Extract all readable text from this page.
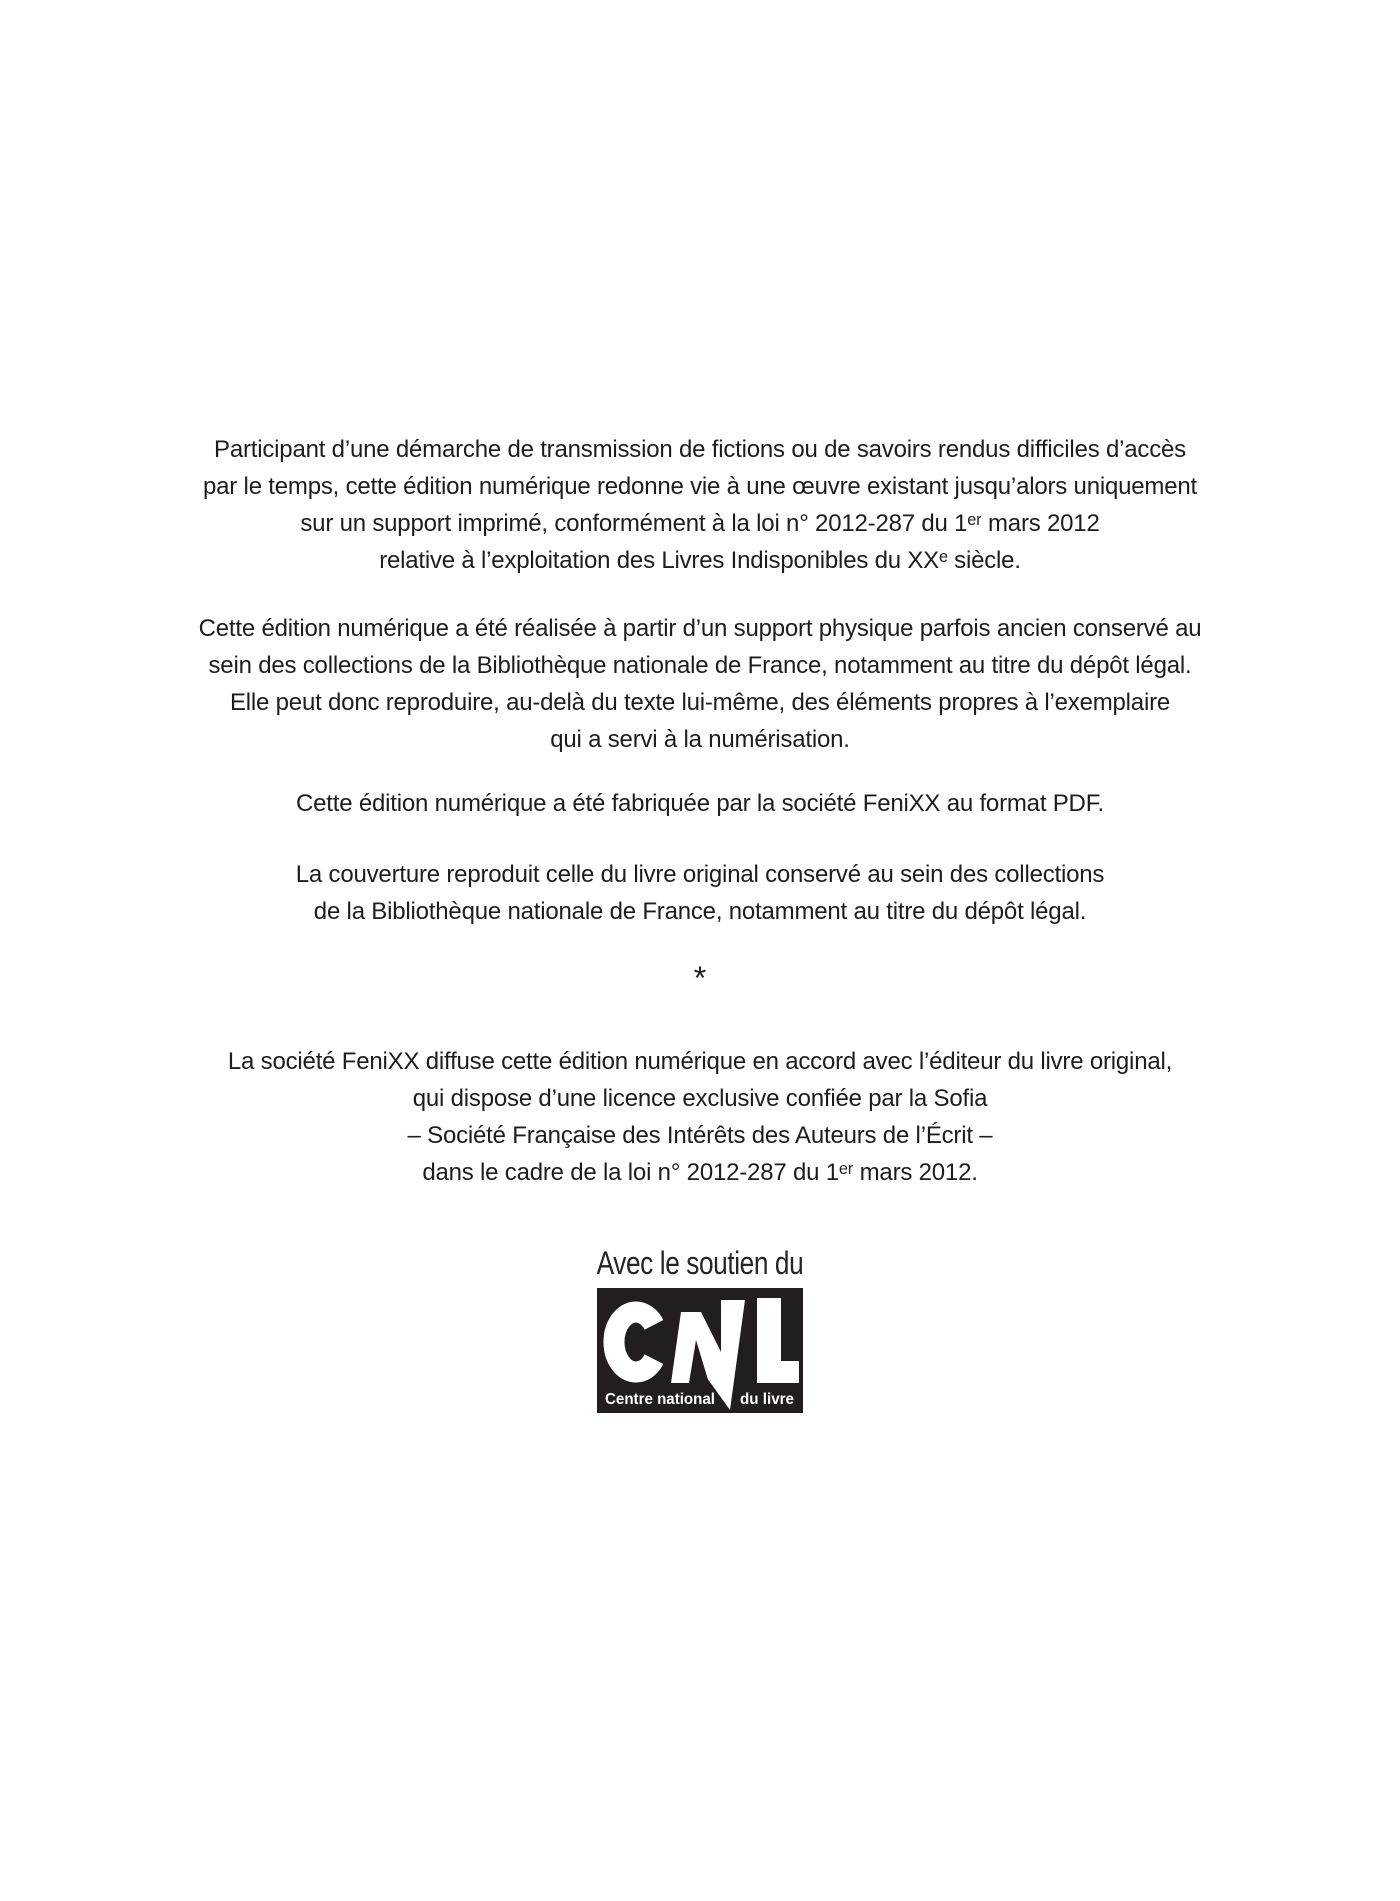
Participant d’une démarche de transmission de fictions ou de savoirs rendus difficiles d’accès
par le temps, cette édition numérique redonne vie à une œuvre existant jusqu’alors uniquement
sur un support imprimé, conformément à la loi n° 2012-287 du 1ᵉʳ mars 2012
relative à l’exploitation des Livres Indisponibles du XXᵉ siècle.
Cette édition numérique a été réalisée à partir d’un support physique parfois ancien conservé au
sein des collections de la Bibliothèque nationale de France, notamment au titre du dépôt légal.
Elle peut donc reproduire, au-delà du texte lui-même, des éléments propres à l’exemplaire
qui a servi à la numérisation.
Cette édition numérique a été fabriquée par la société FeniXX au format PDF.
La couverture reproduit celle du livre original conservé au sein des collections
de la Bibliothèque nationale de France, notamment au titre du dépôt légal.
*
La société FeniXX diffuse cette édition numérique en accord avec l’éditeur du livre original,
qui dispose d’une licence exclusive confiée par la Sofia
– Société Française des Intérêts des Auteurs de l’Écrit –
dans le cadre de la loi n° 2012-287 du 1ᵉʳ mars 2012.
Avec le soutien du
Centre national du livre
